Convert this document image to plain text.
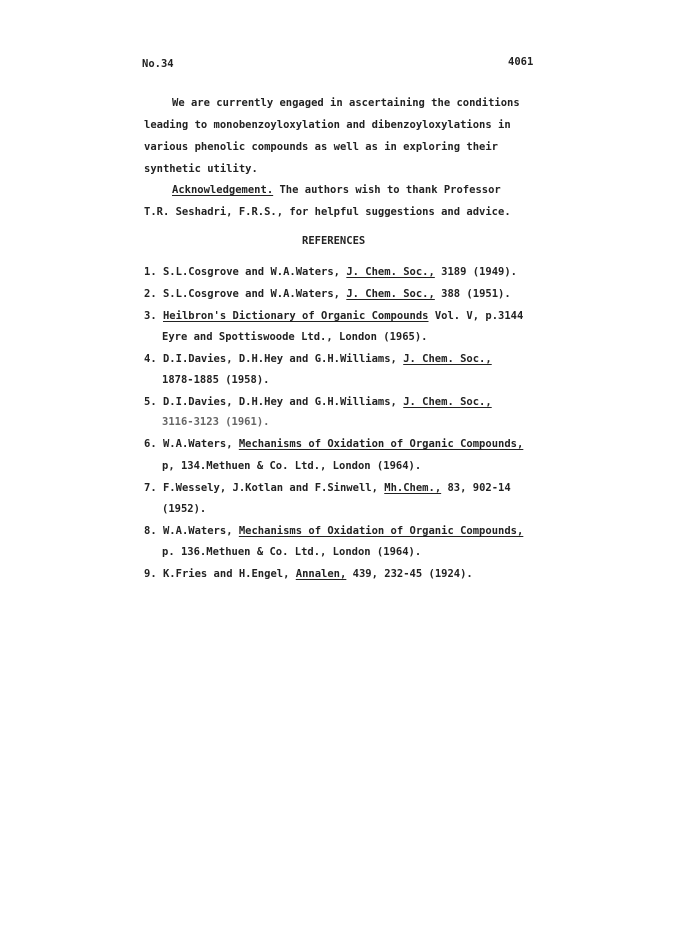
No.34	4061
We are currently engaged in ascertaining the conditions
leading to monobenzoyloxylation and dibenzoyloxylations in
various phenolic compounds as well as in exploring their
synthetic utility.
Acknowledgement. The authors wish to thank Professor
T.R. Seshadri, F.R.S., for helpful suggestions and advice.
REFERENCES
1. S.L.Cosgrove and W.A.Waters, J. Chem. Soc., 3189 (1949).
2. S.L.Cosgrove and W.A.Waters, J. Chem. Soc., 388 (1951).
3. Heilbron's Dictionary of Organic Compounds Vol. V, p.3144
Eyre and Spottiswoode Ltd., London (1965).
4. D.I.Davies, D.H.Hey and G.H.Williams, J. Chem. Soc.,
1878-1885 (1958).
5. D.I.Davies, D.H.Hey and G.H.Williams, J. Chem. Soc.,
3116-3123 (1961).
6. W.A.Waters, Mechanisms of Oxidation of Organic Compounds,
p, 134.Methuen & Co. Ltd., London (1964).
7. F.Wessely, J.Kotlan and F.Sinwell, Mh.Chem., 83, 902-14
(1952).
8. W.A.Waters, Mechanisms of Oxidation of Organic Compounds,
p. 136.Methuen & Co. Ltd., London (1964).
9. K.Fries and H.Engel, Annalen, 439, 232-45 (1924).
